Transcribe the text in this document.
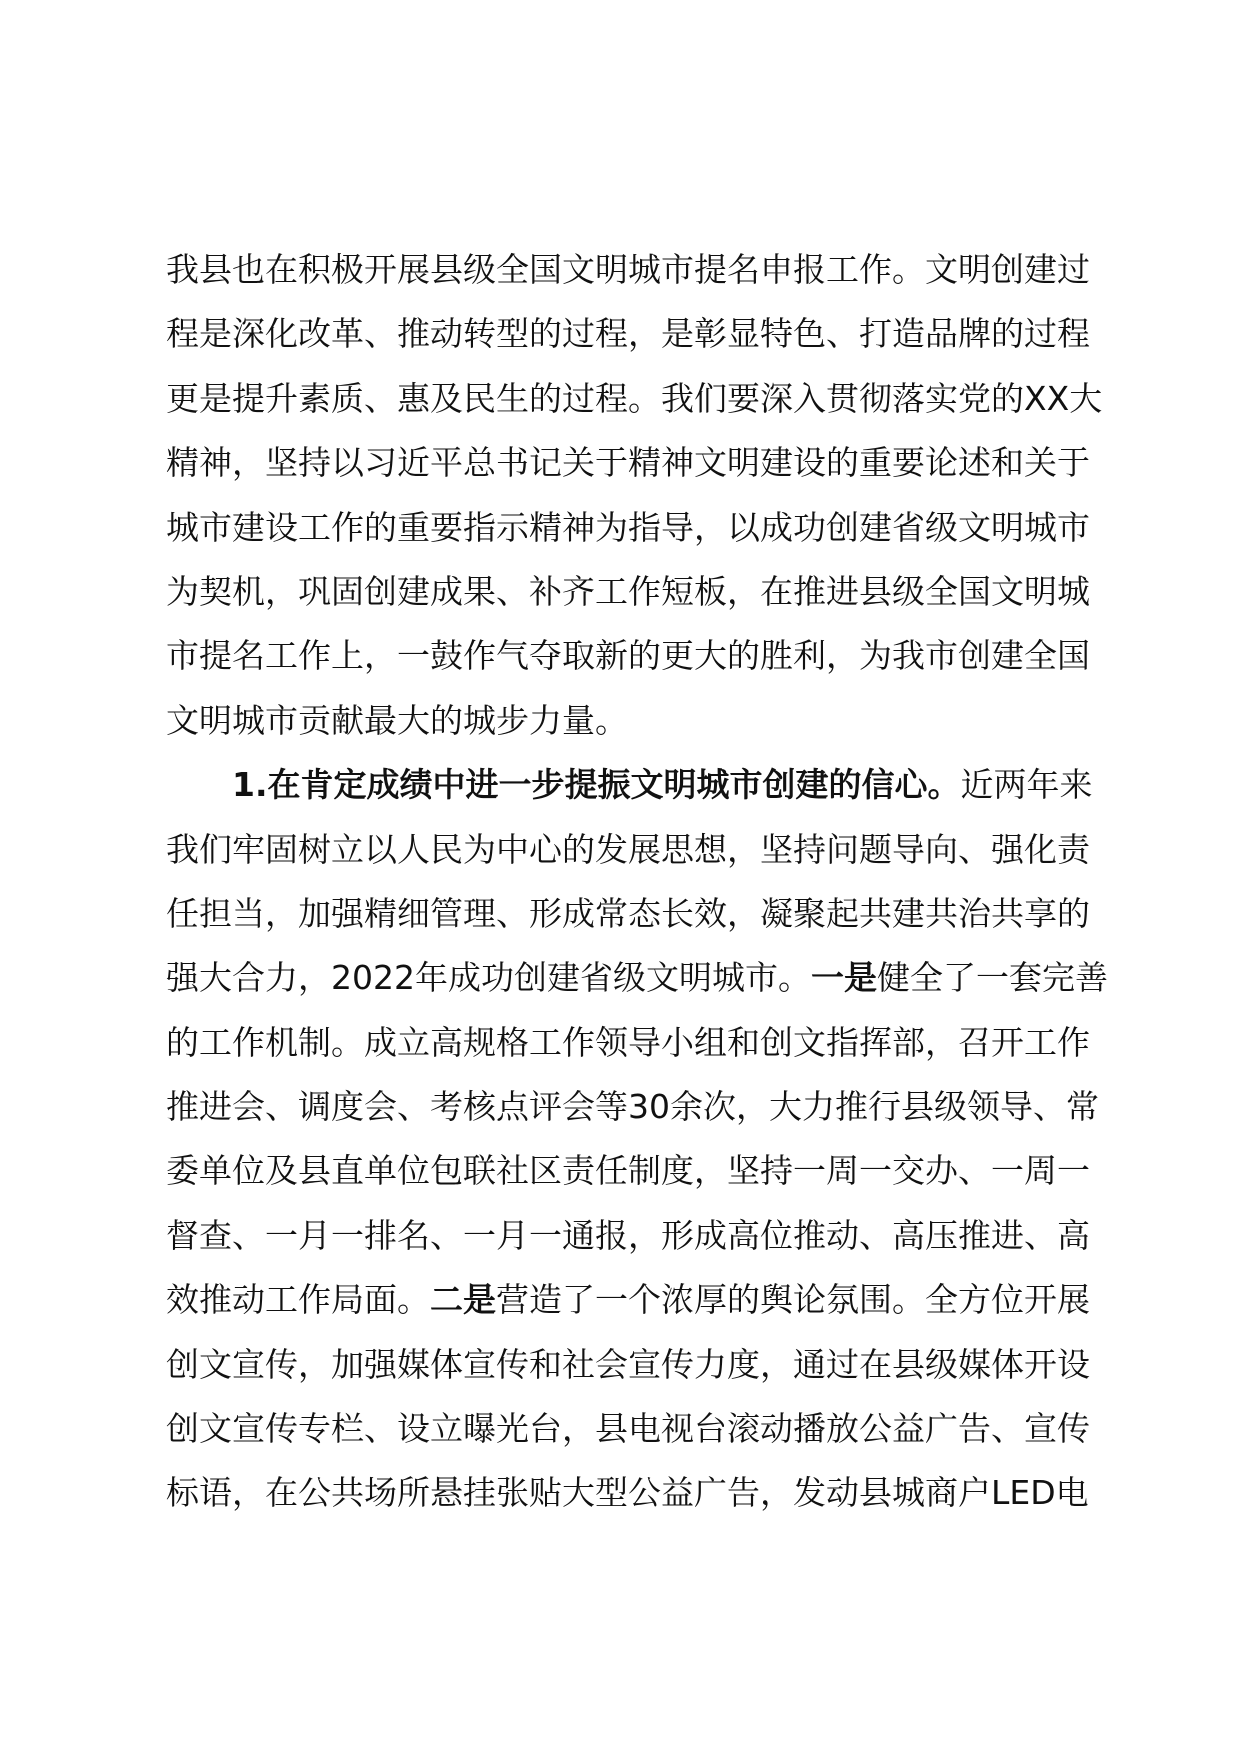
我县也在积极开展县级全国文明城市提名申报工作。文明创建过
程是深化改革、推动转型的过程，是彰显特色、打造品牌的过程
更是提升素质、惠及民生的过程。我们要深入贯彻落实党的XX大
精神，坚持以习近平总书记关于精神文明建设的重要论述和关于
城市建设工作的重要指示精神为指导，以成功创建省级文明城市
为契机，巩固创建成果、补齐工作短板，在推进县级全国文明城
市提名工作上，一鼓作气夺取新的更大的胜利，为我市创建全国
文明城市贡献最大的城步力量。
1.在肯定成绩中进一步提振文明城市创建的信心。近两年来
我们牢固树立以人民为中心的发展思想，坚持问题导向、强化责
任担当，加强精细管理、形成常态长效，凝聚起共建共治共享的
强大合力，2022年成功创建省级文明城市。一是健全了一套完善
的工作机制。成立高规格工作领导小组和创文指挥部，召开工作
推进会、调度会、考核点评会等30余次，大力推行县级领导、常
委单位及县直单位包联社区责任制度，坚持一周一交办、一周一
督查、一月一排名、一月一通报，形成高位推动、高压推进、高
效推动工作局面。二是营造了一个浓厚的舆论氛围。全方位开展
创文宣传，加强媒体宣传和社会宣传力度，通过在县级媒体开设
创文宣传专栏、设立曝光台，县电视台滚动播放公益广告、宣传
标语，在公共场所悬挂张贴大型公益广告，发动县城商户LED电
